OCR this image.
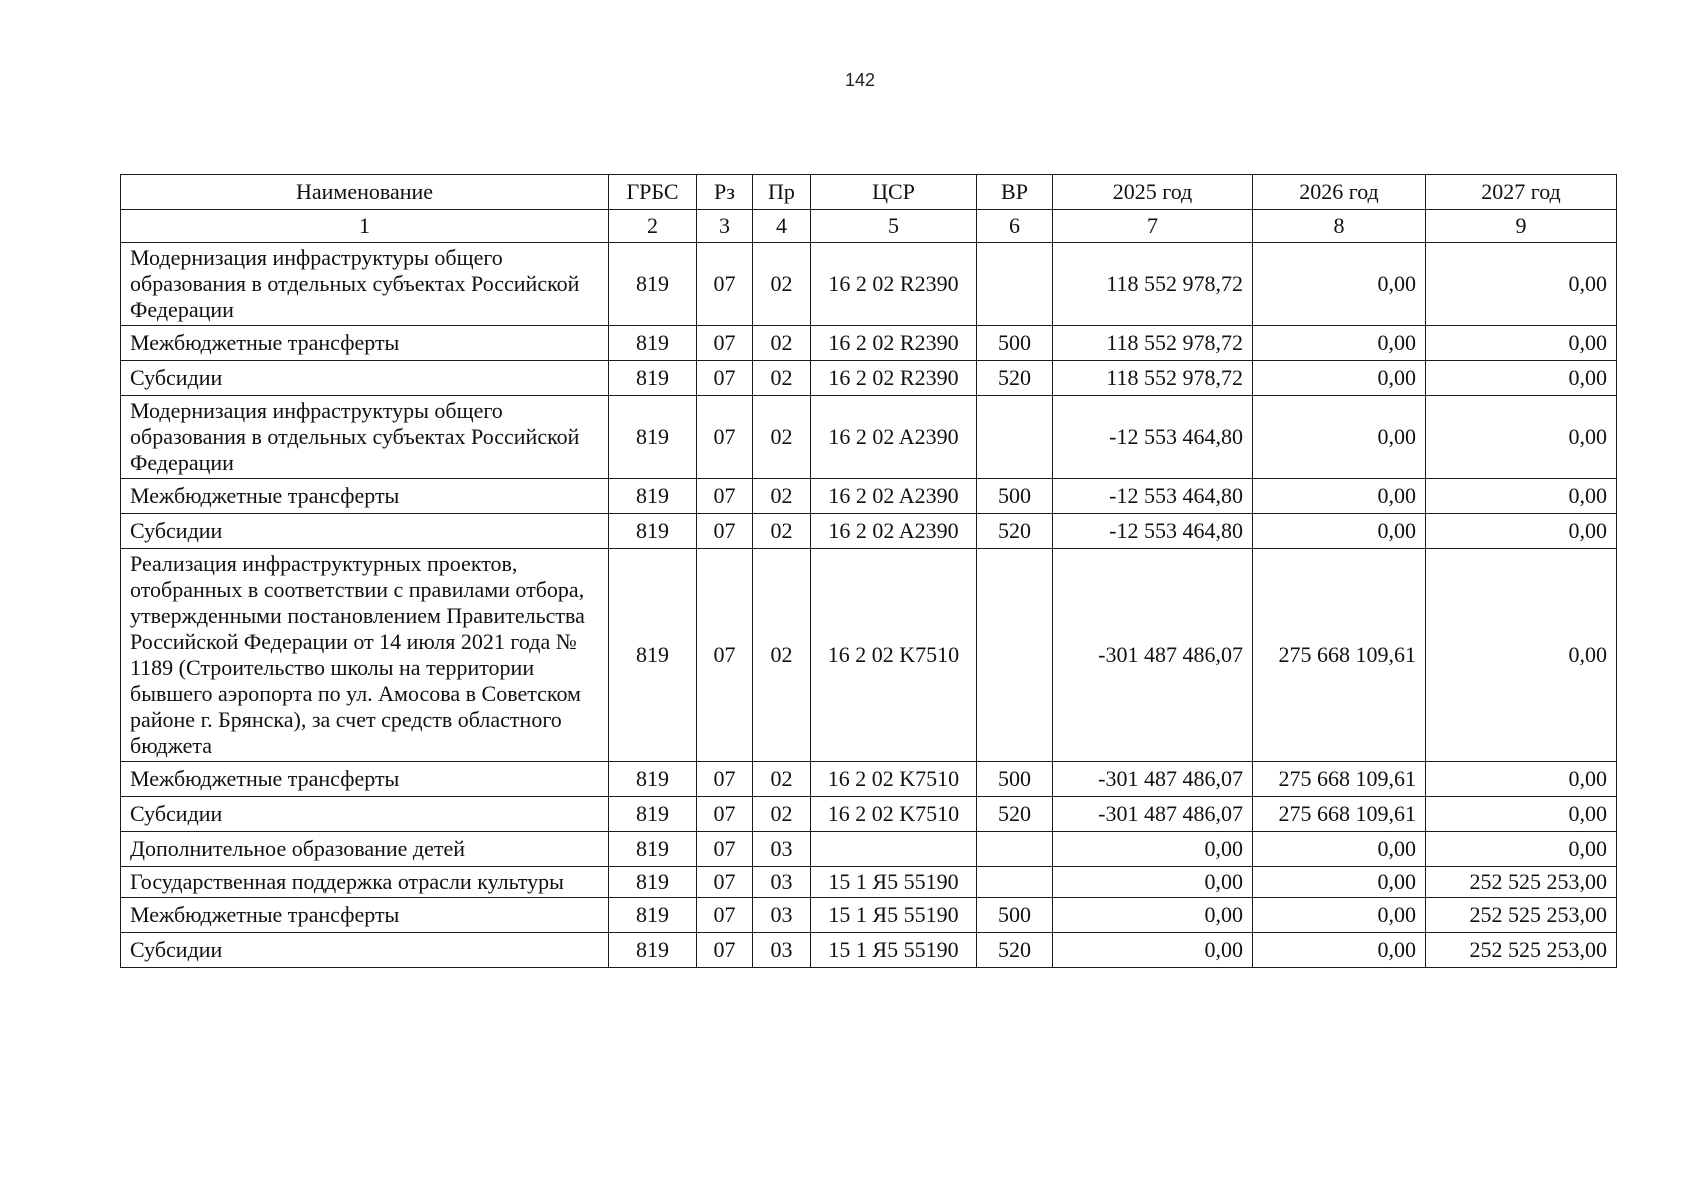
142
Наименование	ГРБС	Рз	Пр	ЦСР	ВР	2025 год	2026 год	2027 год
1	2	3	4	5	6	7	8	9
Модернизация инфраструктуры общего образования в отдельных субъектах Российской Федерации	819	07	02	16 2 02 R2390		118 552 978,72	0,00	0,00
Межбюджетные трансферты	819	07	02	16 2 02 R2390	500	118 552 978,72	0,00	0,00
Субсидии	819	07	02	16 2 02 R2390	520	118 552 978,72	0,00	0,00
Модернизация инфраструктуры общего образования в отдельных субъектах Российской Федерации	819	07	02	16 2 02 A2390		-12 553 464,80	0,00	0,00
Межбюджетные трансферты	819	07	02	16 2 02 A2390	500	-12 553 464,80	0,00	0,00
Субсидии	819	07	02	16 2 02 A2390	520	-12 553 464,80	0,00	0,00
Реализация инфраструктурных проектов, отобранных в соответствии с правилами отбора, утвержденными постановлением Правительства Российской Федерации от 14 июля 2021 года № 1189 (Строительство школы на территории бывшего аэропорта по ул. Амосова в Советском районе г. Брянска), за счет средств областного бюджета	819	07	02	16 2 02 K7510		-301 487 486,07	275 668 109,61	0,00
Межбюджетные трансферты	819	07	02	16 2 02 K7510	500	-301 487 486,07	275 668 109,61	0,00
Субсидии	819	07	02	16 2 02 K7510	520	-301 487 486,07	275 668 109,61	0,00
Дополнительное образование детей	819	07	03			0,00	0,00	0,00
Государственная поддержка отрасли культуры	819	07	03	15 1 Я5 55190		0,00	0,00	252 525 253,00
Межбюджетные трансферты	819	07	03	15 1 Я5 55190	500	0,00	0,00	252 525 253,00
Субсидии	819	07	03	15 1 Я5 55190	520	0,00	0,00	252 525 253,00
